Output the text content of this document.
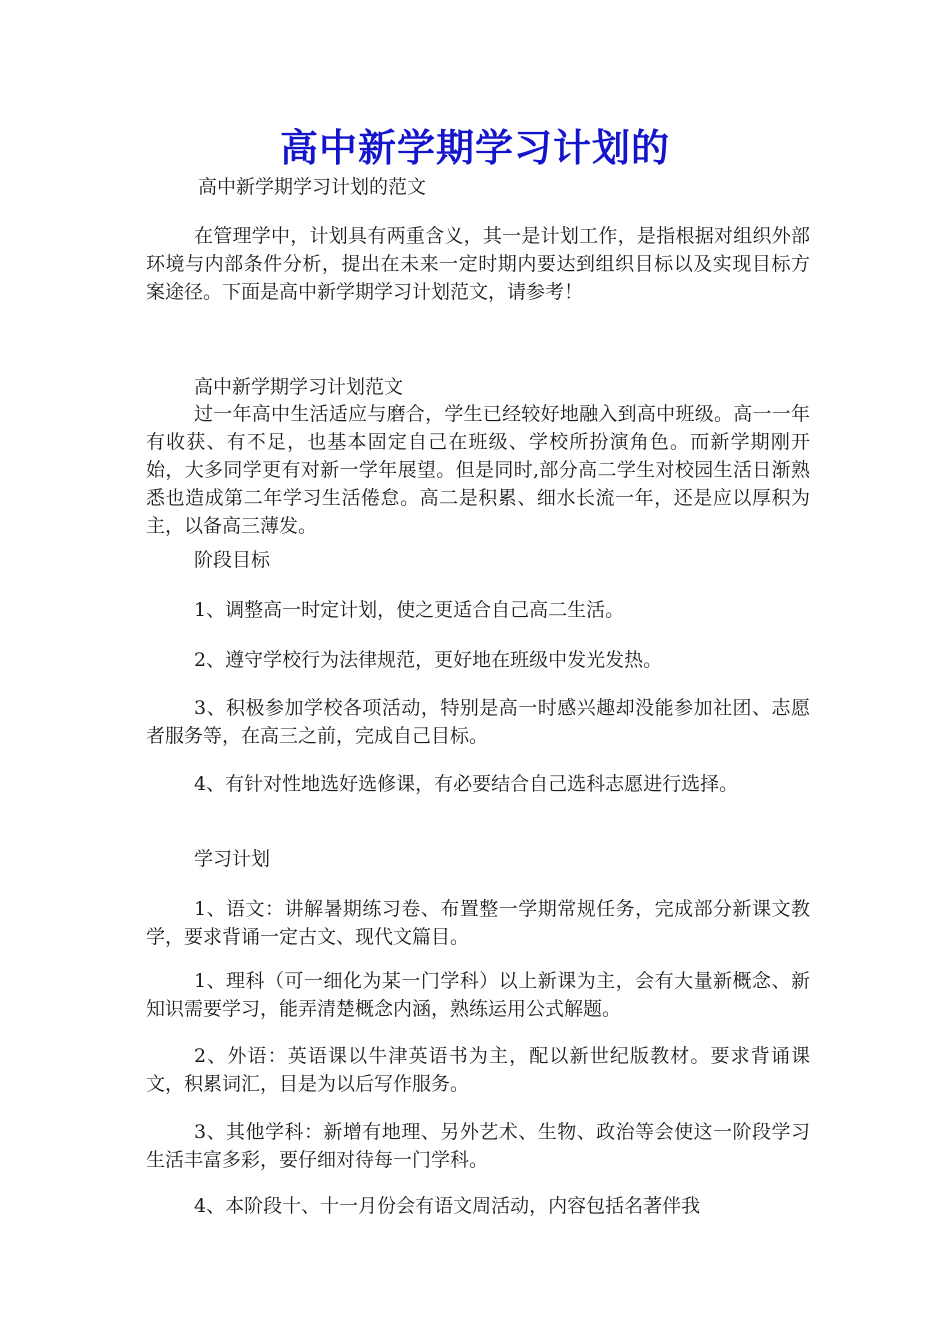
高中新学期学习计划的
高中新学期学习计划的范文
在管理学中，计划具有两重含义，其一是计划工作，是指根据对组织外部环境与内部条件分析，提出在未来一定时期内要达到组织目标以及实现目标方案途径。下面是高中新学期学习计划范文，请参考！
高中新学期学习计划范文
过一年高中生活适应与磨合，学生已经较好地融入到高中班级。高一一年有收获、有不足，也基本固定自己在班级、学校所扮演角色。而新学期刚开始，大多同学更有对新一学年展望。但是同时,部分高二学生对校园生活日渐熟悉也造成第二年学习生活倦怠。高二是积累、细水长流一年，还是应以厚积为主，以备高三薄发。
阶段目标
1、调整高一时定计划，使之更适合自己高二生活。
2、遵守学校行为法律规范，更好地在班级中发光发热。
3、积极参加学校各项活动，特别是高一时感兴趣却没能参加社团、志愿者服务等，在高三之前，完成自己目标。
4、有针对性地选好选修课，有必要结合自己选科志愿进行选择。
学习计划
1、语文：讲解暑期练习卷、布置整一学期常规任务，完成部分新课文教学，要求背诵一定古文、现代文篇目。
1、理科（可一细化为某一门学科）以上新课为主，会有大量新概念、新知识需要学习，能弄清楚概念内涵，熟练运用公式解题。
2、外语：英语课以牛津英语书为主，配以新世纪版教材。要求背诵课文，积累词汇，目是为以后写作服务。
3、其他学科：新增有地理、另外艺术、生物、政治等会使这一阶段学习生活丰富多彩，要仔细对待每一门学科。
4、本阶段十、十一月份会有语文周活动，内容包括名著伴我
